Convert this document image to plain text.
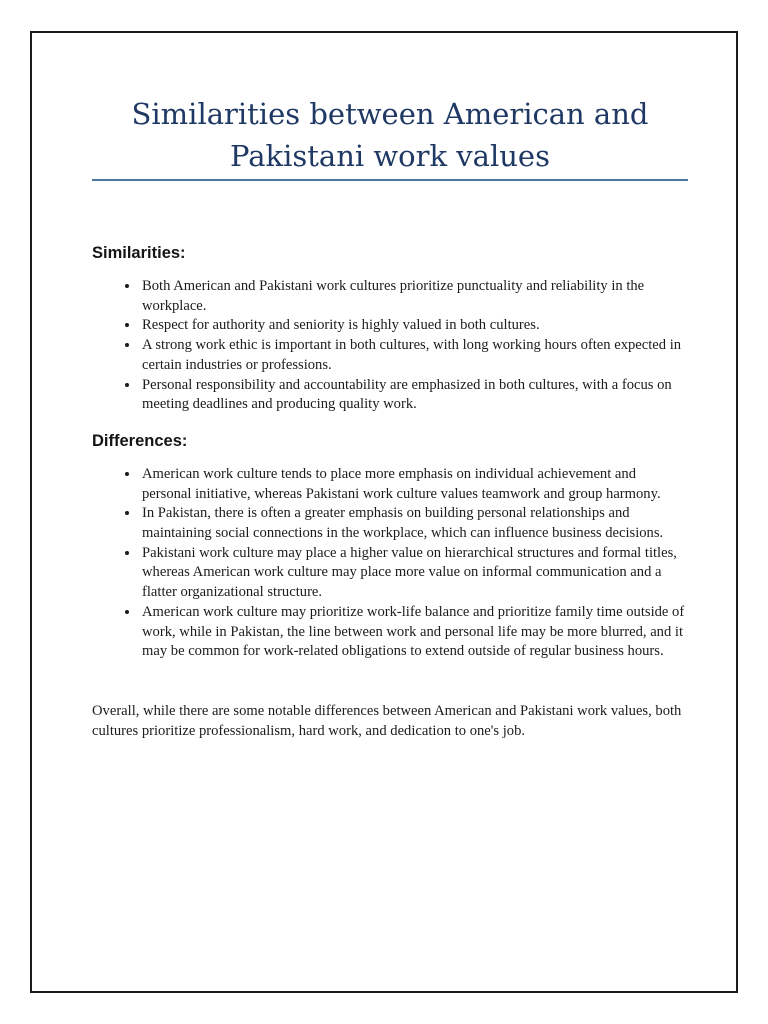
Similarities between American and
Pakistani work values
Similarities:
• Both American and Pakistani work cultures prioritize punctuality and reliability in the workplace.
• Respect for authority and seniority is highly valued in both cultures.
• A strong work ethic is important in both cultures, with long working hours often expected in certain industries or professions.
• Personal responsibility and accountability are emphasized in both cultures, with a focus on meeting deadlines and producing quality work.
Differences:
• American work culture tends to place more emphasis on individual achievement and personal initiative, whereas Pakistani work culture values teamwork and group harmony.
• In Pakistan, there is often a greater emphasis on building personal relationships and maintaining social connections in the workplace, which can influence business decisions.
• Pakistani work culture may place a higher value on hierarchical structures and formal titles, whereas American work culture may place more value on informal communication and a flatter organizational structure.
• American work culture may prioritize work-life balance and prioritize family time outside of work, while in Pakistan, the line between work and personal life may be more blurred, and it may be common for work-related obligations to extend outside of regular business hours.

Overall, while there are some notable differences between American and Pakistani work values, both cultures prioritize professionalism, hard work, and dedication to one's job.
